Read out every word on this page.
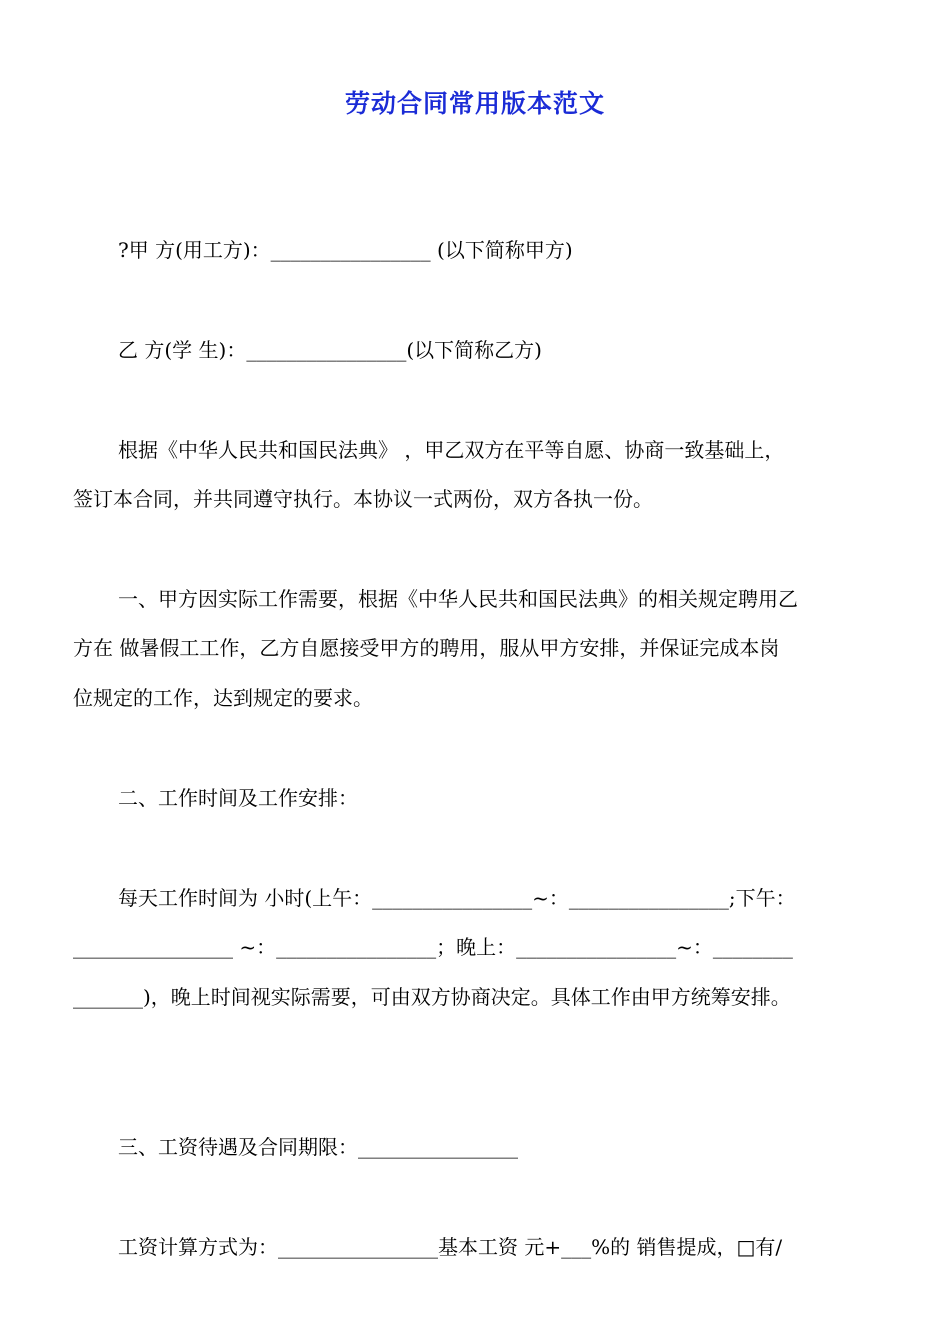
劳动合同常用版本范文
?甲 方(用工方)：________________ (以下简称甲方)
乙 方(学 生)：________________(以下简称乙方)
根据《中华人民共和国民法典》 ，甲乙双方在平等自愿、协商一致基础上，
签订本合同，并共同遵守执行。本协议一式两份，双方各执一份。
一、甲方因实际工作需要，根据《中华人民共和国民法典》的相关规定聘用乙
方在 做暑假工工作，乙方自愿接受甲方的聘用，服从甲方安排，并保证完成本岗
位规定的工作，达到规定的要求。
二、工作时间及工作安排：
每天工作时间为 小时(上午：________________~：________________;下午：
________________ ~：________________；晚上：________________~：________
_______)，晚上时间视实际需要，可由双方协商决定。具体工作由甲方统筹安排。
三、工资待遇及合同期限：________________
工资计算方式为：________________基本工资 元+___%的 销售提成，□有/
